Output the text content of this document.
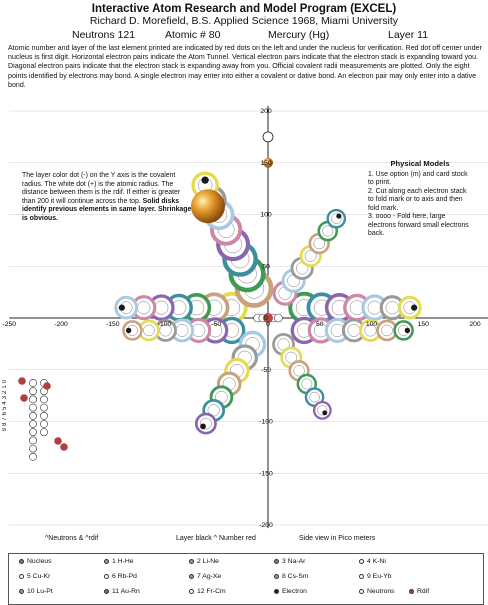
Interactive Atom Research and Model Program (EXCEL)
Richard D. Morefield, B.S. Applied Science 1968, Miami University
Neutrons 121	Atomic # 80	Mercury (Hg)	Layer 11
Atomic number and layer of the last element printed are indicated by red dots on the left and under the nucleus for verification. Red dot off center under nucleus is first digit. Horizontal electron pairs indicate the Atom Tunnel. Vertical electron pairs indicate that the electron stack is expanding toward you. Diagonal electron pairs indicate that the electron stack is expanding away from you. Official covalent radii measurements are plotted. Only the eight points identified by electrons may bond. A single electron may enter into either a covalent or dative bond. An electron pair may only enter into a dative bond.
-250	-200	-150	-100	-50	0	50	100	150	200
200
150
100
50
0
-50
-100
-150
-200
The layer color dot (-) on the Y axis is the covalent radius. The white dot (+) is the atomic radius. The distance between them is the rdif. If either is greater than 200 it will continue across the top. Solid disks identify previous elements in same layer. Shrinkage is obvious.
Physical Models
1. Use option (m) and card stock to print.
2. Cut along each electron stack to fold mark or to axis and then fold mark.
3. oooo - Fold here, large electrons forward small electrons back.
9876543210
^Neutrons & ^rdif	Layer black ^ Number red	Side view in Pico meters
Nucleus	1 H-He	2 Li-Ne	3 Na-Ar	4 K-Ni
5 Cu-Kr	6 Rb-Pd	7 Ag-Xe	8 Cs-Sm	9 Eu-Yb
10 Lu-Pt	11 Au-Rn	12 Fr-Cm	Electron	Neutrons	Rdif
